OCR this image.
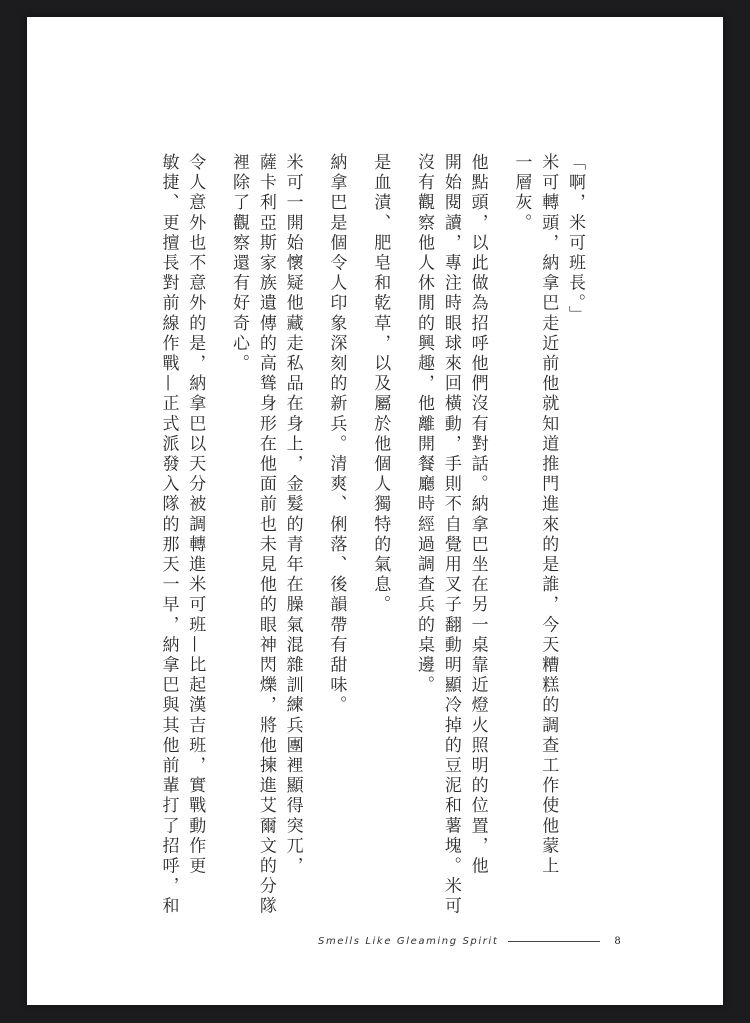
「啊，米可班長。」
米可轉頭，納拿巴走近前他就知道推門進來的是誰，今天糟糕的調查工作使他蒙上
一層灰。
他點頭，以此做為招呼他們沒有對話。納拿巴坐在另一桌靠近燈火照明的位置，他
開始閱讀，專注時眼球來回橫動，手則不自覺用叉子翻動明顯冷掉的豆泥和薯塊。米可
沒有觀察他人休閒的興趣，他離開餐廳時經過調查兵的桌邊。
是血漬、肥皂和乾草，以及屬於他個人獨特的氣息。
納拿巴是個令人印象深刻的新兵。清爽、俐落、後韻帶有甜味。
米可一開始懷疑他藏走私品在身上，金髮的青年在臊氣混雜訓練兵團裡顯得突兀，
薩卡利亞斯家族遺傳的高聳身形在他面前也未見他的眼神閃爍，將他揀進艾爾文的分隊
裡除了觀察還有好奇心。
令人意外也不意外的是，納拿巴以天分被調轉進米可班—比起漢吉班，實戰動作更
敏捷、更擅長對前線作戰—正式派發入隊的那天一早，納拿巴與其他前輩打了招呼，和
Smells Like Gleaming Spirit	8
